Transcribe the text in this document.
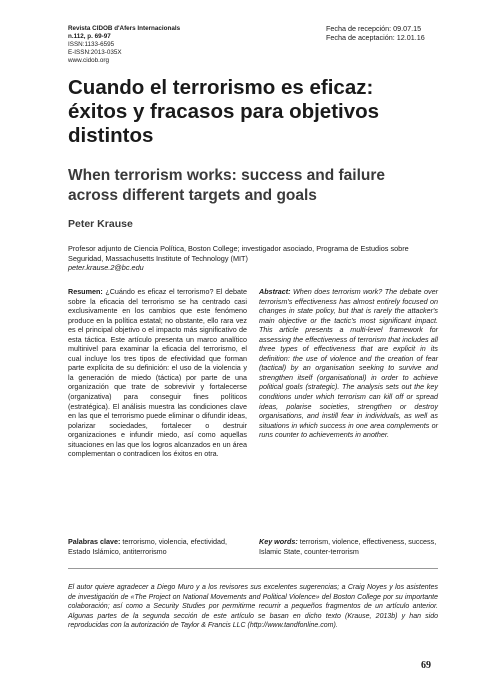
Revista CIDOB d'Afers Internacionals
n.112, p. 69-97
ISSN:1133-6595
E-ISSN:2013-035X
www.cidob.org
Fecha de recepción: 09.07.15
Fecha de aceptación: 12.01.16
Cuando el terrorismo es eficaz: éxitos y fracasos para objetivos distintos
When terrorism works: success and failure across different targets and goals
Peter Krause
Profesor adjunto de Ciencia Política, Boston College; investigador asociado, Programa de Estudios sobre Seguridad, Massachusetts Institute of Technology (MIT)
peter.krause.2@bc.edu
Resumen: ¿Cuándo es eficaz el terrorismo? El debate sobre la eficacia del terrorismo se ha centrado casi exclusivamente en los cambios que este fenómeno produce en la política estatal; no obstante, ello rara vez es el principal objetivo o el impacto más significativo de esta táctica. Este artículo presenta un marco analítico multinivel para examinar la eficacia del terrorismo, el cual incluye los tres tipos de efectividad que forman parte explícita de su definición: el uso de la violencia y la generación de miedo (táctica) por parte de una organización que trate de sobrevivir y fortalecerse (organizativa) para conseguir fines políticos (estratégica). El análisis muestra las condiciones clave en las que el terrorismo puede eliminar o difundir ideas, polarizar sociedades, fortalecer o destruir organizaciones e infundir miedo, así como aquellas situaciones en las que los logros alcanzados en un área complementan o contradicen los éxitos en otra.
Abstract: When does terrorism work? The debate over terrorism's effectiveness has almost entirely focused on changes in state policy, but that is rarely the attacker's main objective or the tactic's most significant impact. This article presents a multi-level framework for assessing the effectiveness of terrorism that includes all three types of effectiveness that are explicit in its definition: the use of violence and the creation of fear (tactical) by an organisation seeking to survive and strengthen itself (organisational) in order to achieve political goals (strategic). The analysis sets out the key conditions under which terrorism can kill off or spread ideas, polarise societies, strengthen or destroy organisations, and instill fear in individuals, as well as situations in which success in one area complements or runs counter to achievements in another.
Palabras clave: terrorismo, violencia, efectividad, Estado Islámico, antiterrorismo
Key words: terrorism, violence, effectiveness, success, Islamic State, counter-terrorism
El autor quiere agradecer a Diego Muro y a los revisores sus excelentes sugerencias; a Craig Noyes y los asistentes de investigación de «The Project on National Movements and Political Violence» del Boston College por su importante colaboración; así como a Security Studies por permitirme recurrir a pequeños fragmentos de un artículo anterior. Algunas partes de la segunda sección de este artículo se basan en dicho texto (Krause, 2013b) y han sido reproducidas con la autorización de Taylor & Francis LLC (http://www.tandfonline.com).
69
